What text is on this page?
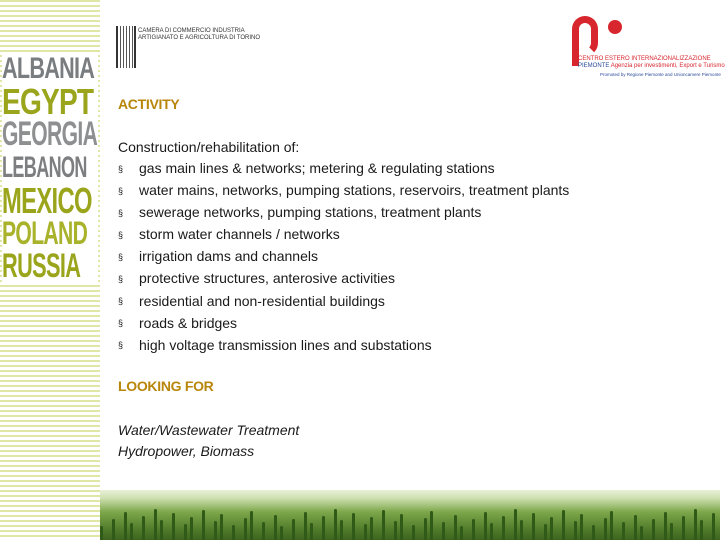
ALBANIA
EGYPT
GEORGIA
LEBANON
MEXICO
POLAND
RUSSIA
CAMERA DI COMMERCIO INDUSTRIA ARTIGIANATO E AGRICOLTURA DI TORINO
CENTRO ESTERO INTERNAZIONALIZZAZIONE
PIEMONTE Agenzia per investimenti, Export e Turismo
Promoted by Regione Piemonte and Unioncamere Piemonte
ACTIVITY
Construction/rehabilitation of:
§ gas main lines & networks; metering & regulating stations
§ water mains, networks, pumping stations, reservoirs, treatment plants
§ sewerage networks, pumping stations, treatment plants
§ storm water channels / networks
§ irrigation dams and channels
§ protective structures, anterosive activities
§ residential and non-residential buildings
§ roads & bridges
§ high voltage transmission lines and substations
LOOKING FOR
Water/Wastewater Treatment
Hydropower, Biomass
